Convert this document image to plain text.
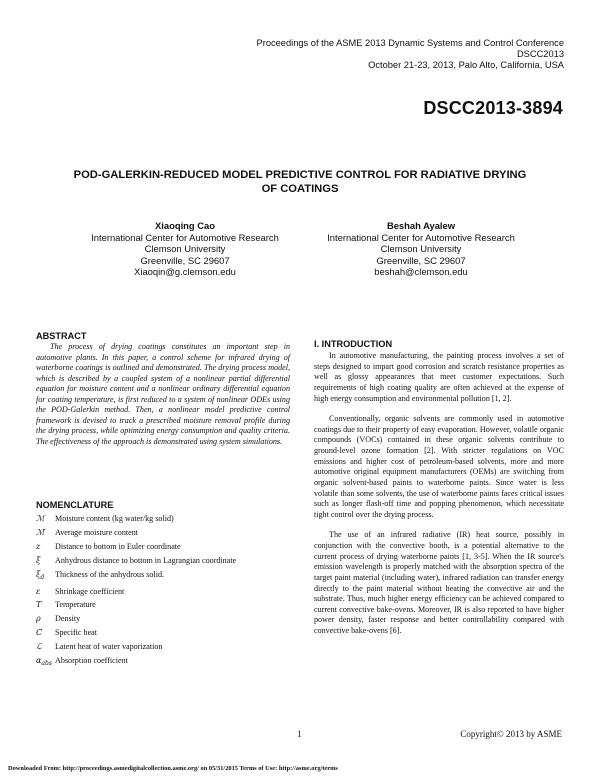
Proceedings of the ASME 2013 Dynamic Systems and Control Conference
DSCC2013
October 21-23, 2013, Palo Alto, California, USA
DSCC2013-3894
POD-GALERKIN-REDUCED MODEL PREDICTIVE CONTROL FOR RADIATIVE DRYING OF COATINGS
Xiaoqing Cao
International Center for Automotive Research
Clemson University
Greenville, SC 29607
Xiaoqin@g.clemson.edu
Beshah Ayalew
International Center for Automotive Research
Clemson University
Greenville, SC 29607
beshah@clemson.edu
ABSTRACT

The process of drying coatings constitutes an important step in automotive plants. In this paper, a control scheme for infrared drying of waterborne coatings is outlined and demonstrated. The drying process model, which is described by a coupled system of a nonlinear partial differential equation for moisture content and a nonlinear ordinary differential equation for coating temperature, is first reduced to a system of nonlinear ODEs using the POD-Galerkin method. Then, a nonlinear model predictive control framework is devised to track a prescribed moisture removal profile during the drying process, while optimizing energy consumption and quality criteria. The effectiveness of the approach is demonstrated using system simulations.

NOMENCLATURE
ℳ	Moisture content (kg water/kg solid)
ℳ̄	Average moisture content
z	Distance to bottom in Euler coordinate
ξ	Anhydrous distance to bottom in Lagrangian coordinate
$\xi_d$	Thickness of the anhydrous solid.
ε	Shrinkage coefficient
T	Temperature
ρ	Density
C	Specific heat
ℒ	Latent heat of water vaporization
$\alpha_{abs}$ Absorption coefficient
I. INTRODUCTION

In automotive manufacturing, the painting process involves a set of steps designed to impart good corrosion and scratch resistance properties as well as glossy appearances that meet customer expectations. Such requirements of high coating quality are often achieved at the expense of high energy consumption and environmental pollution [1, 2].

Conventionally, organic solvents are commonly used in automotive coatings due to their property of easy evaporation. However, volatile organic compounds (VOCs) contained in these organic solvents contribute to ground-level ozone formation [2]. With stricter regulations on VOC emissions and higher cost of petroleum-based solvents, more and more automotive original equipment manufacturers (OEMs) are switching from organic solvent-based paints to waterborne paints. Since water is less volatile than some solvents, the use of waterborne paints faces critical issues such as longer flash-off time and popping phenomenon, which necessitate tight control over the drying process.

The use of an infrared radiative (IR) heat source, possibly in conjunction with the convective booth, is a potential alternative to the current process of drying waterborne paints [1, 3-5]. When the IR source's emission wavelength is properly matched with the absorption spectra of the target paint material (including water), infrared radiation can transfer energy directly to the paint material without heating the convective air and the substrate. Thus, much higher energy efficiency can be achieved compared to current convective bake-ovens. Moreover, IR is also reported to have higher power density, faster response and better controllability compared with convective bake-ovens [6].

1	Copyright© 2013 by ASME
Downloaded From: http://proceedings.asmedigitalcollection.asme.org/ on 05/31/2015 Terms of Use: http://asme.org/terms
